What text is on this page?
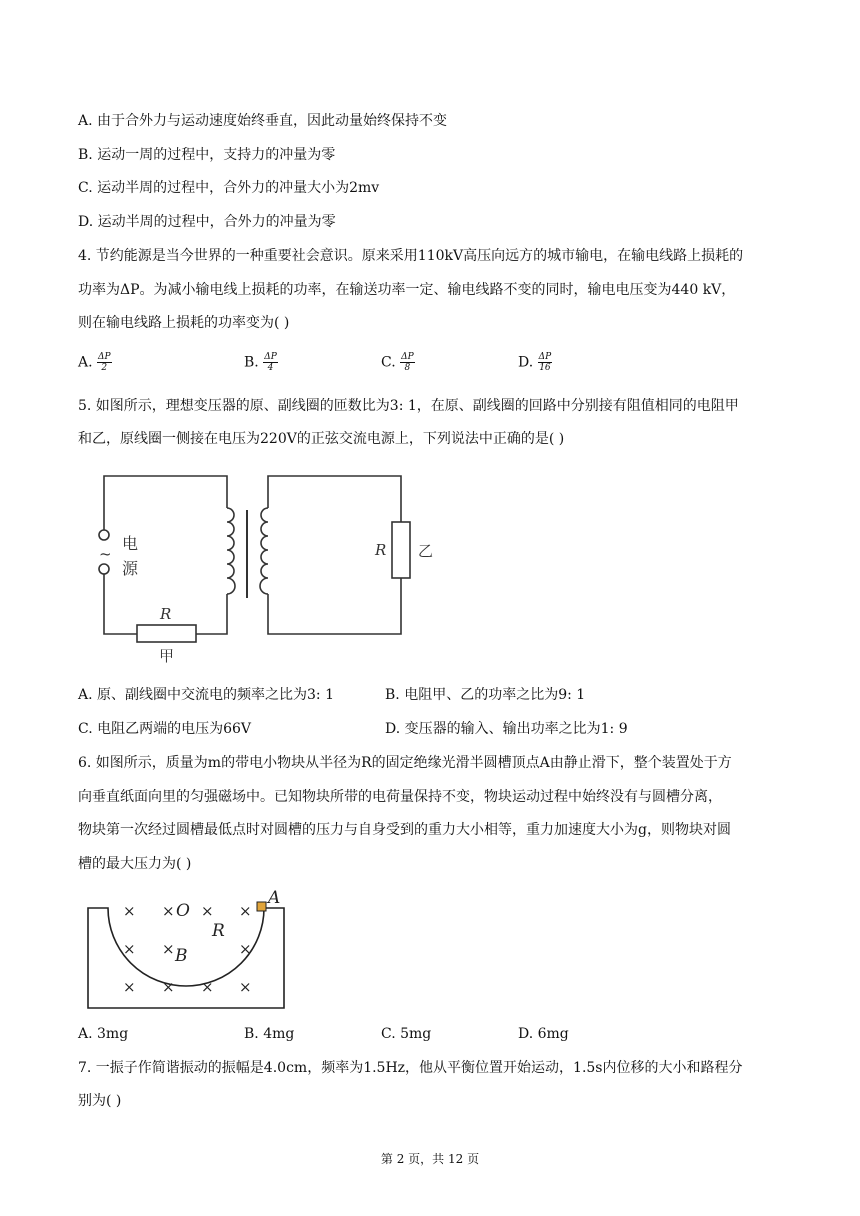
A. 由于合外力与运动速度始终垂直，因此动量始终保持不变
B. 运动一周的过程中，支持力的冲量为零
C. 运动半周的过程中，合外力的冲量大小为2mv
D. 运动半周的过程中，合外力的冲量为零
4. 节约能源是当今世界的一种重要社会意识。原来采用110kV高压向远方的城市输电，在输电线路上损耗的
功率为ΔP。为减小输电线上损耗的功率，在输送功率一定、输电线路不变的同时，输电电压变为440 kV，
则在输电线路上损耗的功率变为( )
A. $\frac{\Delta P}{2}$	B. $\frac{\Delta P}{4}$	C. $\frac{\Delta P}{8}$	D. $\frac{\Delta P}{16}$
5. 如图所示，理想变压器的原、副线圈的匝数比为3: 1，在原、副线圈的回路中分别接有阻值相同的电阻甲
和乙，原线圈一侧接在电压为220V的正弦交流电源上，下列说法中正确的是( )
~
电
源
R
甲
R 乙
A. 原、副线圈中交流电的频率之比为3: 1	B. 电阻甲、乙的功率之比为9: 1
C. 电阻乙两端的电压为66V	D. 变压器的输入、输出功率之比为1: 9
6. 如图所示，质量为m的带电小物块从半径为R的固定绝缘光滑半圆槽顶点A由静止滑下，整个装置处于方
向垂直纸面向里的匀强磁场中。已知物块所带的电荷量保持不变，物块运动过程中始终没有与圆槽分离，
物块第一次经过圆槽最低点时对圆槽的压力与自身受到的重力大小相等，重力加速度大小为g，则物块对圆
槽的最大压力为( )
× × × ×
× ×	×
× × × ×
O
A
R
B
A. 3mg	B. 4mg	C. 5mg	D. 6mg
7. 一振子作简谐振动的振幅是4.0cm，频率为1.5Hz，他从平衡位置开始运动，1.5s内位移的大小和路程分
别为( )
第 2 页，共 12 页
